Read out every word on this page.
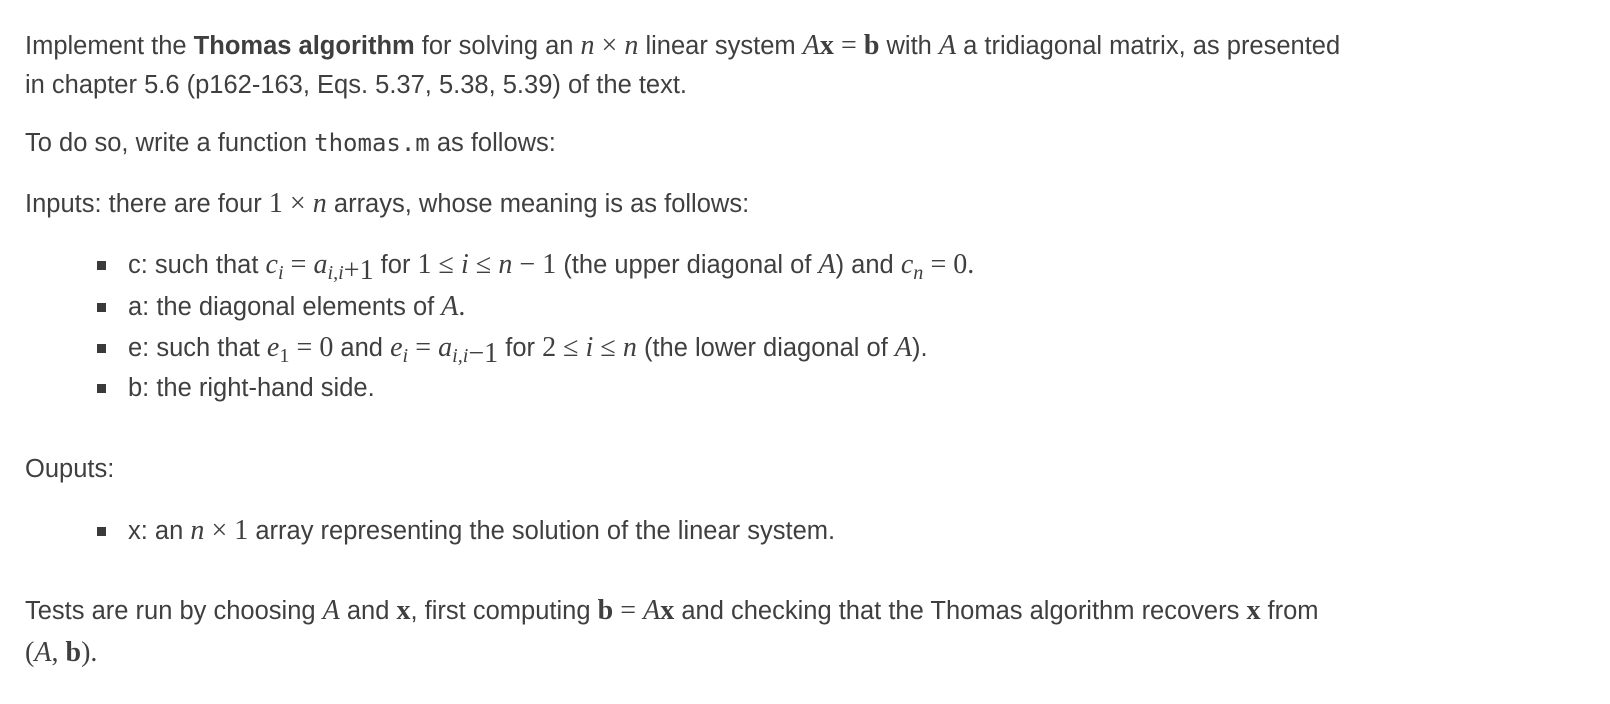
Implement the Thomas algorithm for solving an n × n linear system Ax = b with A a tridiagonal matrix, as presented
in chapter 5.6 (p162-163, Eqs. 5.37, 5.38, 5.39) of the text.
To do so, write a function thomas.m as follows:
Inputs: there are four 1 × n arrays, whose meaning is as follows:
c: such that $c_i = a_{i,i+1}$ for 1 ≤ i ≤ n − 1 (the upper diagonal of A) and $c_n = 0$.
a: the diagonal elements of A.
e: such that $e_1 = 0$ and $e_i = a_{i,i-1}$ for 2 ≤ i ≤ n (the lower diagonal of A).
b: the right-hand side.
Ouputs:
x: an n × 1 array representing the solution of the linear system.
Tests are run by choosing A and x, first computing b = Ax and checking that the Thomas algorithm recovers x from
(A, b).
